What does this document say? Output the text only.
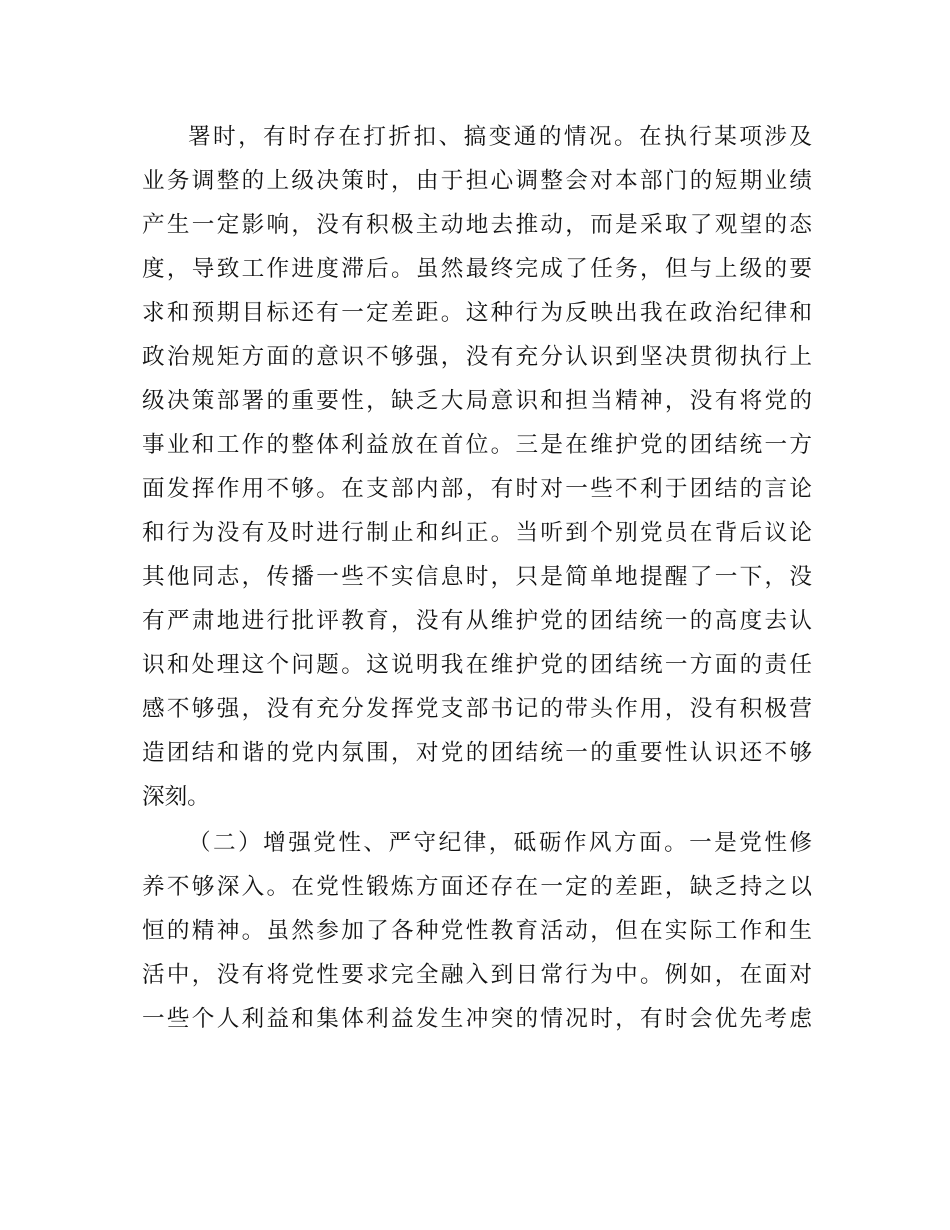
署时，有时存在打折扣、搞变通的情况。在执行某项涉及
业务调整的上级决策时，由于担心调整会对本部门的短期业绩
产生一定影响，没有积极主动地去推动，而是采取了观望的态
度，导致工作进度滞后。虽然最终完成了任务，但与上级的要
求和预期目标还有一定差距。这种行为反映出我在政治纪律和
政治规矩方面的意识不够强，没有充分认识到坚决贯彻执行上
级决策部署的重要性，缺乏大局意识和担当精神，没有将党的
事业和工作的整体利益放在首位。三是在维护党的团结统一方
面发挥作用不够。在支部内部，有时对一些不利于团结的言论
和行为没有及时进行制止和纠正。当听到个别党员在背后议论
其他同志，传播一些不实信息时，只是简单地提醒了一下，没
有严肃地进行批评教育，没有从维护党的团结统一的高度去认
识和处理这个问题。这说明我在维护党的团结统一方面的责任
感不够强，没有充分发挥党支部书记的带头作用，没有积极营
造团结和谐的党内氛围，对党的团结统一的重要性认识还不够
深刻。
（二）增强党性、严守纪律，砥砺作风方面。一是党性修
养不够深入。在党性锻炼方面还存在一定的差距，缺乏持之以
恒的精神。虽然参加了各种党性教育活动，但在实际工作和生
活中，没有将党性要求完全融入到日常行为中。例如，在面对
一些个人利益和集体利益发生冲突的情况时，有时会优先考虑
